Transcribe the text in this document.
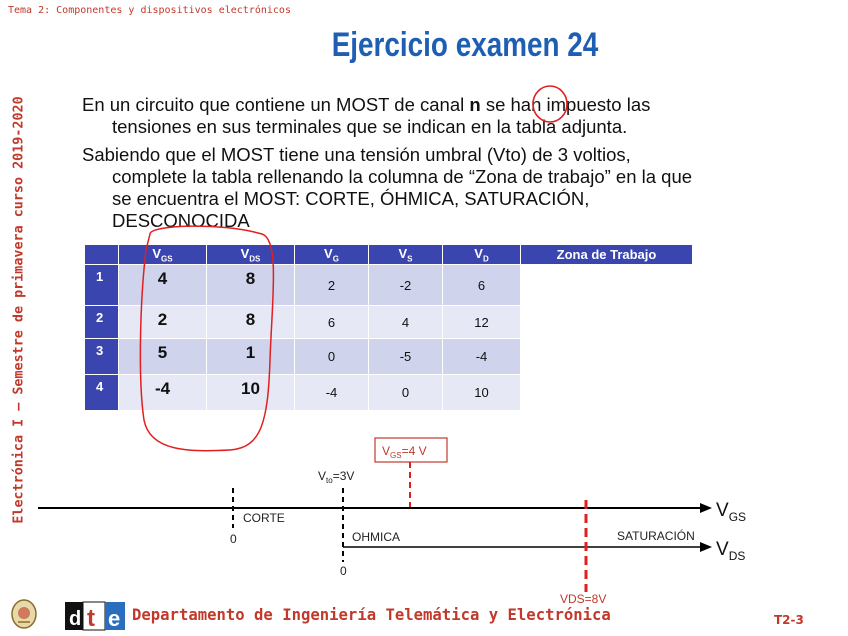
Tema 2: Componentes y dispositivos electrónicos
Electrónica I — Semestre de primavera curso 2019-2020
Ejercicio examen 24
En un circuito que contiene un MOST de canal n se han impuesto las
tensiones en sus terminales que se indican en la tabla adjunta.
Sabiendo que el MOST tiene una tensión umbral (Vto) de 3 voltios,
complete la tabla rellenando la columna de “Zona de trabajo” en la que
se encuentra el MOST: CORTE, ÓHMICA, SATURACIÓN,
DESCONOCIDA
	$V_{GS}$	$V_{DS}$	$V_G$	$V_S$	$V_D$	Zona de Trabajo
1	4	8	2	-2	6	
2	2	8	6	4	12	
3	5	1	0	-5	-4	
4	-4	10	-4	0	10	
$V_{GS}=4$ V
$V_{to}=3V$
$V_{GS}$
0
CORTE
$V_{DS}$
OHMICA	SATURACIÓN
0
VDS=8V
d t e Departamento de Ingeniería Telemática y Electrónica	T2-3
